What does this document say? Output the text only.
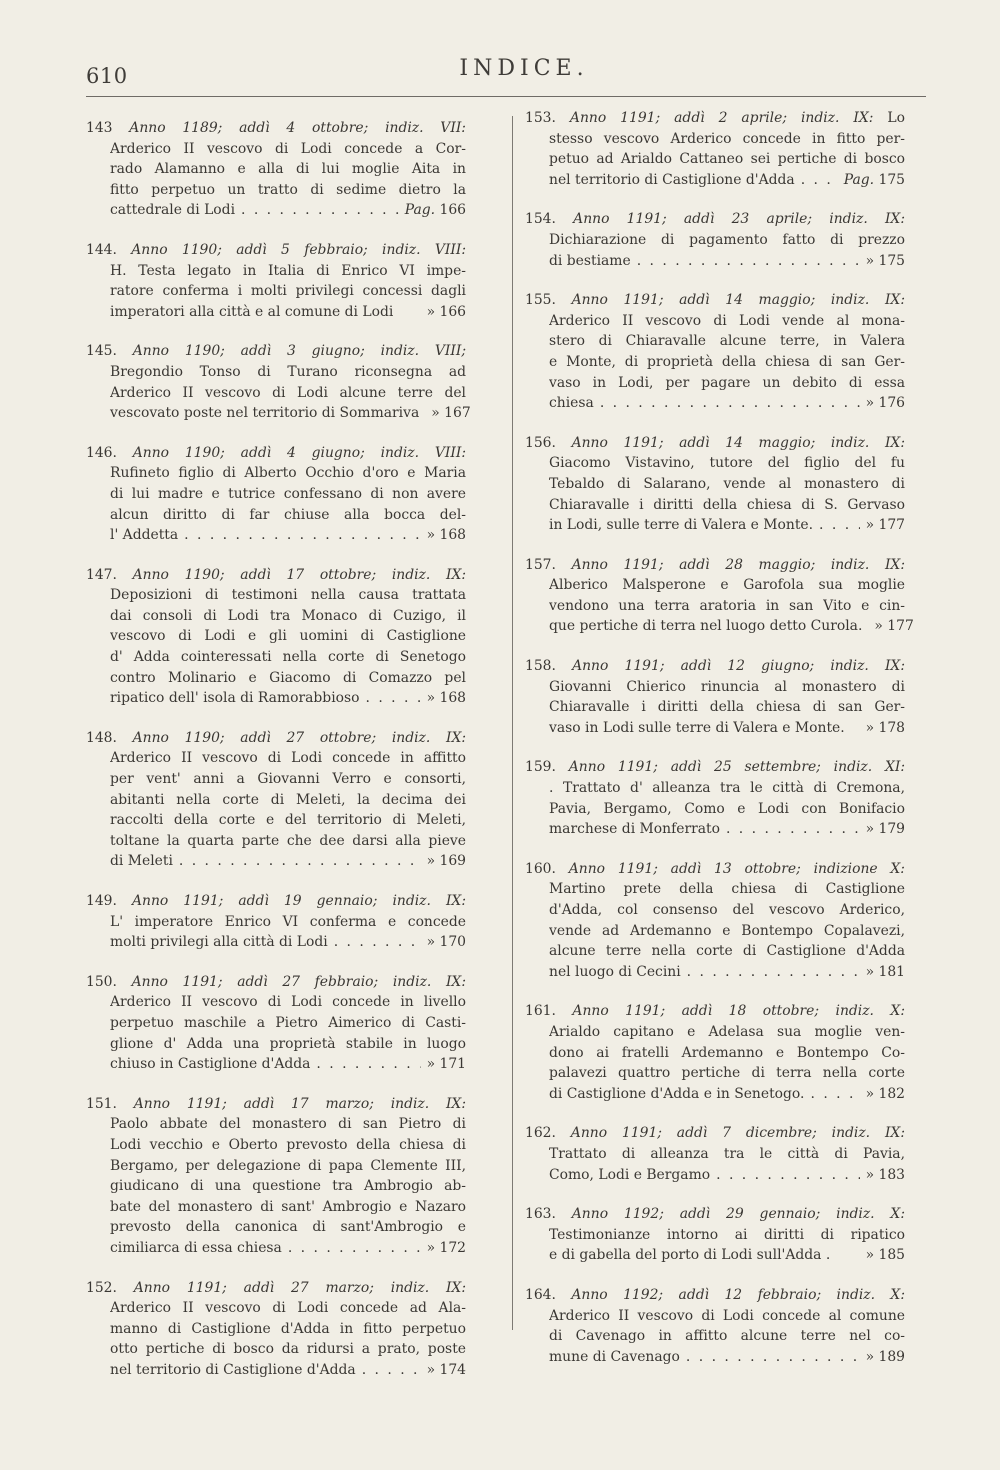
610	INDICE.
143 Anno 1189; addì 4 ottobre; indiz. VII:
Arderico II vescovo di Lodi concede a Cor-
rado Alamanno e alla di lui moglie Aita in
fitto perpetuo un tratto di sedime dietro la
cattedrale di Lodi . . .	Pag. 166
144. Anno 1190; addì 5 febbraio; indiz. VIII:
H. Testa legato in Italia di Enrico VI impe-
ratore conferma i molti privilegi concessi dagli
imperatori alla città e al comune di Lodi » 166
145. Anno 1190; addì 3 giugno; indiz. VIII;
Bregondio Tonso di Turano riconsegna ad
Arderico II vescovo di Lodi alcune terre del
vescovato poste nel territorio di Sommariva » 167
146. Anno 1190; addì 4 giugno; indiz. VIII:
Rufineto figlio di Alberto Occhio d'oro e Maria
di lui madre e tutrice confessano di non avere
alcun diritto di far chiuse alla bocca del-
l' Addetta . . .	» 168
147. Anno 1190; addì 17 ottobre; indiz. IX:
Deposizioni di testimoni nella causa trattata
dai consoli di Lodi tra Monaco di Cuzigo, il
vescovo di Lodi e gli uomini di Castiglione
d' Adda cointeressati nella corte di Senetogo
contro Molinario e Giacomo di Comazzo pel
ripatico dell' isola di Ramorabbioso . . .	» 168
148. Anno 1190; addì 27 ottobre; indiz. IX:
Arderico II vescovo di Lodi concede in affitto
per vent' anni a Giovanni Verro e consorti,
abitanti nella corte di Meleti, la decima dei
raccolti della corte e del territorio di Meleti,
toltane la quarta parte che dee darsi alla pieve
di Meleti . . .	» 169
149. Anno 1191; addì 19 gennaio; indiz. IX:
L' imperatore Enrico VI conferma e concede
molti privilegi alla città di Lodi . . .	» 170
150. Anno 1191; addì 27 febbraio; indiz. IX:
Arderico II vescovo di Lodi concede in livello
perpetuo maschile a Pietro Aimerico di Casti-
glione d' Adda una proprietà stabile in luogo
chiuso in Castiglione d'Adda . . .	» 171
151. Anno 1191; addì 17 marzo; indiz. IX:
Paolo abbate del monastero di san Pietro di
Lodi vecchio e Oberto prevosto della chiesa di
Bergamo, per delegazione di papa Clemente III,
giudicano di una questione tra Ambrogio ab-
bate del monastero di sant' Ambrogio e Nazaro
prevosto della canonica di sant'Ambrogio e
cimiliarca di essa chiesa . . .	» 172
152. Anno 1191; addì 27 marzo; indiz. IX:
Arderico II vescovo di Lodi concede ad Ala-
manno di Castiglione d'Adda in fitto perpetuo
otto pertiche di bosco da ridursi a prato, poste
nel territorio di Castiglione d'Adda . . .	» 174
153. Anno 1191; addì 2 aprile; indiz. IX: Lo
stesso vescovo Arderico concede in fitto per-
petuo ad Arialdo Cattaneo sei pertiche di bosco
nel territorio di Castiglione d'Adda . . .	Pag. 175
154. Anno 1191; addì 23 aprile; indiz. IX:
Dichiarazione di pagamento fatto di prezzo
di bestiame . . .	» 175
155. Anno 1191; addì 14 maggio; indiz. IX:
Arderico II vescovo di Lodi vende al mona-
stero di Chiaravalle alcune terre, in Valera
e Monte, di proprietà della chiesa di san Ger-
vaso in Lodi, per pagare un debito di essa
chiesa . . .	» 176
156. Anno 1191; addì 14 maggio; indiz. IX:
Giacomo Vistavino, tutore del figlio del fu
Tebaldo di Salarano, vende al monastero di
Chiaravalle i diritti della chiesa di S. Gervaso
in Lodi, sulle terre di Valera e Monte. . . .	» 177
157. Anno 1191; addì 28 maggio; indiz. IX:
Alberico Malsperone e Garofola sua moglie
vendono una terra aratoria in san Vito e cin-
que pertiche di terra nel luogo detto Curola. » 177
158. Anno 1191; addì 12 giugno; indiz. IX:
Giovanni Chierico rinuncia al monastero di
Chiaravalle i diritti della chiesa di san Ger-
vaso in Lodi sulle terre di Valera e Monte. » 178
159. Anno 1191; addì 25 settembre; indiz. XI:
. Trattato d' alleanza tra le città di Cremona,
Pavia, Bergamo, Como e Lodi con Bonifacio
marchese di Monferrato . . .	» 179
160. Anno 1191; addì 13 ottobre; indizione X:
Martino prete della chiesa di Castiglione
d'Adda, col consenso del vescovo Arderico,
vende ad Ardemanno e Bontempo Copalavezi,
alcune terre nella corte di Castiglione d'Adda
nel luogo di Cecini . . .	» 181
161. Anno 1191; addì 18 ottobre; indiz. X:
Arialdo capitano e Adelasa sua moglie ven-
dono ai fratelli Ardemanno e Bontempo Co-
palavezi quattro pertiche di terra nella corte
di Castiglione d'Adda e in Senetogo. . . .	» 182
162. Anno 1191; addì 7 dicembre; indiz. IX:
Trattato di alleanza tra le città di Pavia,
Como, Lodi e Bergamo . . .	» 183
163. Anno 1192; addì 29 gennaio; indiz. X:
Testimonianze intorno ai diritti di ripatico
e di gabella del porto di Lodi sull'Adda .	» 185
164. Anno 1192; addì 12 febbraio; indiz. X:
Arderico II vescovo di Lodi concede al comune
di Cavenago in affitto alcune terre nel co-
mune di Cavenago . . .	» 189
